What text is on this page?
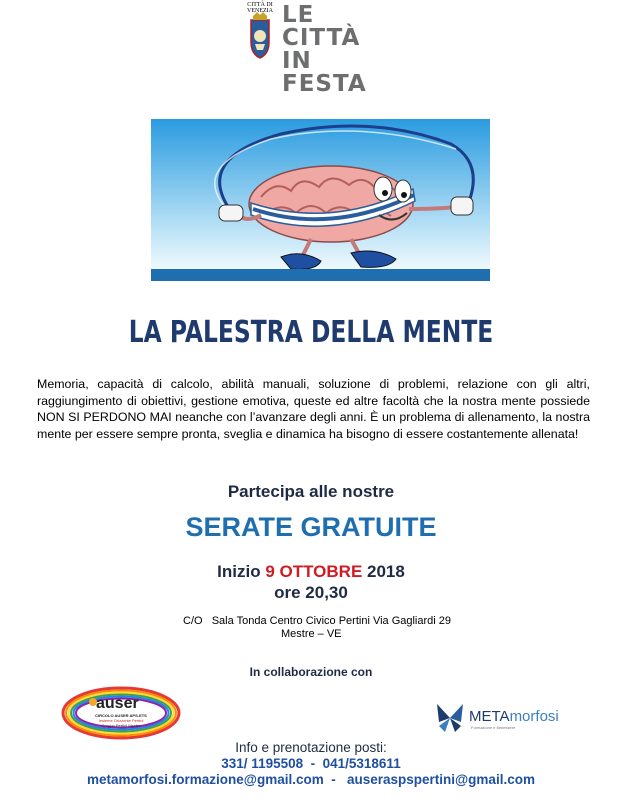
CITTÀ DI VENEZIA LE
CITTÀ
IN
FESTA
LA PALESTRA DELLA MENTE
Memoria, capacità di calcolo, abilità manuali, soluzione di problemi, relazione con gli altri, raggiungimento di obiettivi, gestione emotiva, queste ed altre facoltà che la nostra mente possiede NON SI PERDONO MAI neanche con l’avanzare degli anni. È un problema di allenamento, la nostra mente per essere sempre pronta, sveglia e dinamica ha bisogno di essere costantemente allenata!
Partecipa alle nostre
SERATE GRATUITE
Inizio 9 OTTOBRE 2018
ore 20,30
C/O   Sala Tonda Centro Civico Pertini Via Gagliardi 29
Mestre – VE
In collaborazione con
auser
CIRCOLO AUSER APS-ETS
Insieme Orizzonte Pertini
Gruppo Pertini Mestre
METAmorfosi
Formazione e benessere
Info e prenotazione posti:
331/ 1195508  -  041/5318611
metamorfosi.formazione@gmail.com  -   auseraspspertini@gmail.com
